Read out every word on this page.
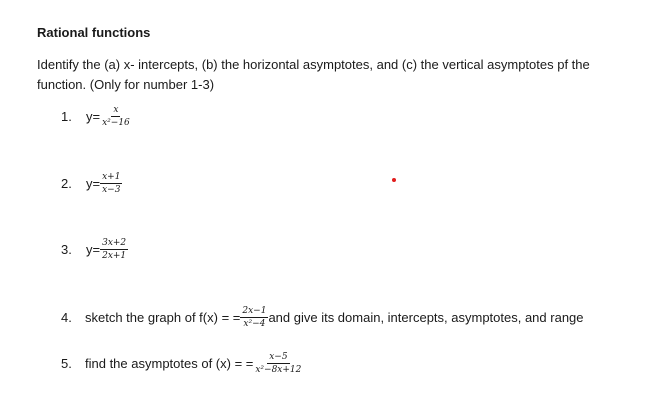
Rational functions
Identify the (a) x- intercepts, (b) the horizontal asymptotes, and (c) the vertical asymptotes pf the function. (Only for number 1-3)
1.	$y= \frac{x}{\text{x²−16}}$
2.	$y= \frac{x+1}{x-3}$
3.	$y= \frac{3x+2}{2x+1}$
4.	sketch the graph of f(x) = = $\frac{2x-1}{\text{x²−4}}$ and give its domain, intercepts, asymptotes, and range
5.	find the asymptotes of (x) = = $\frac{x-5}{\text{x²−8x+12}}$
